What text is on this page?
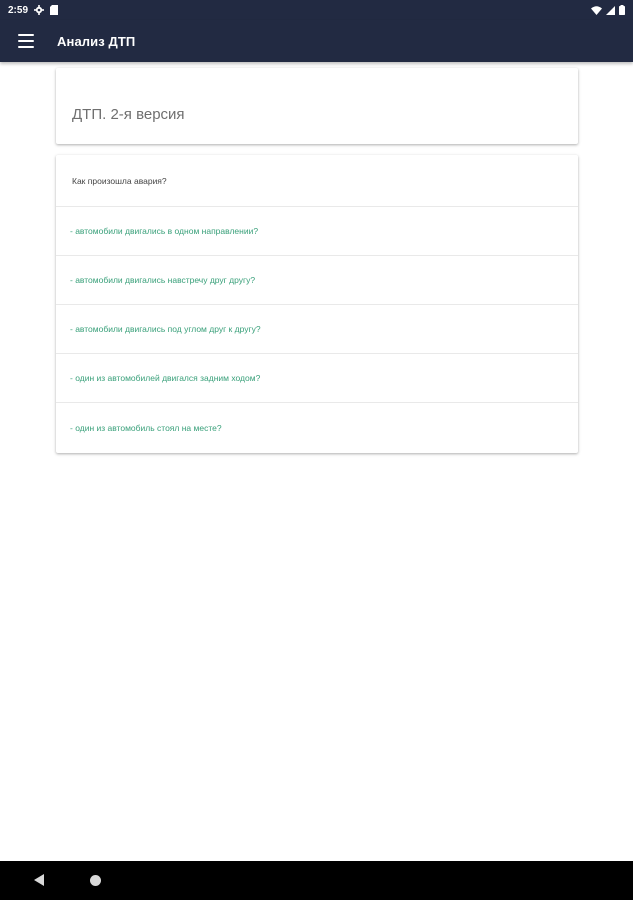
2:59
Анализ ДТП
ДТП. 2-я версия
Как произошла авария?
- автомобили двигались в одном направлении?
- автомобили двигались навстречу друг другу?
- автомобили двигались под углом друг к другу?
- один из автомобилей двигался задним ходом?
- один из автомобиль стоял на месте?
